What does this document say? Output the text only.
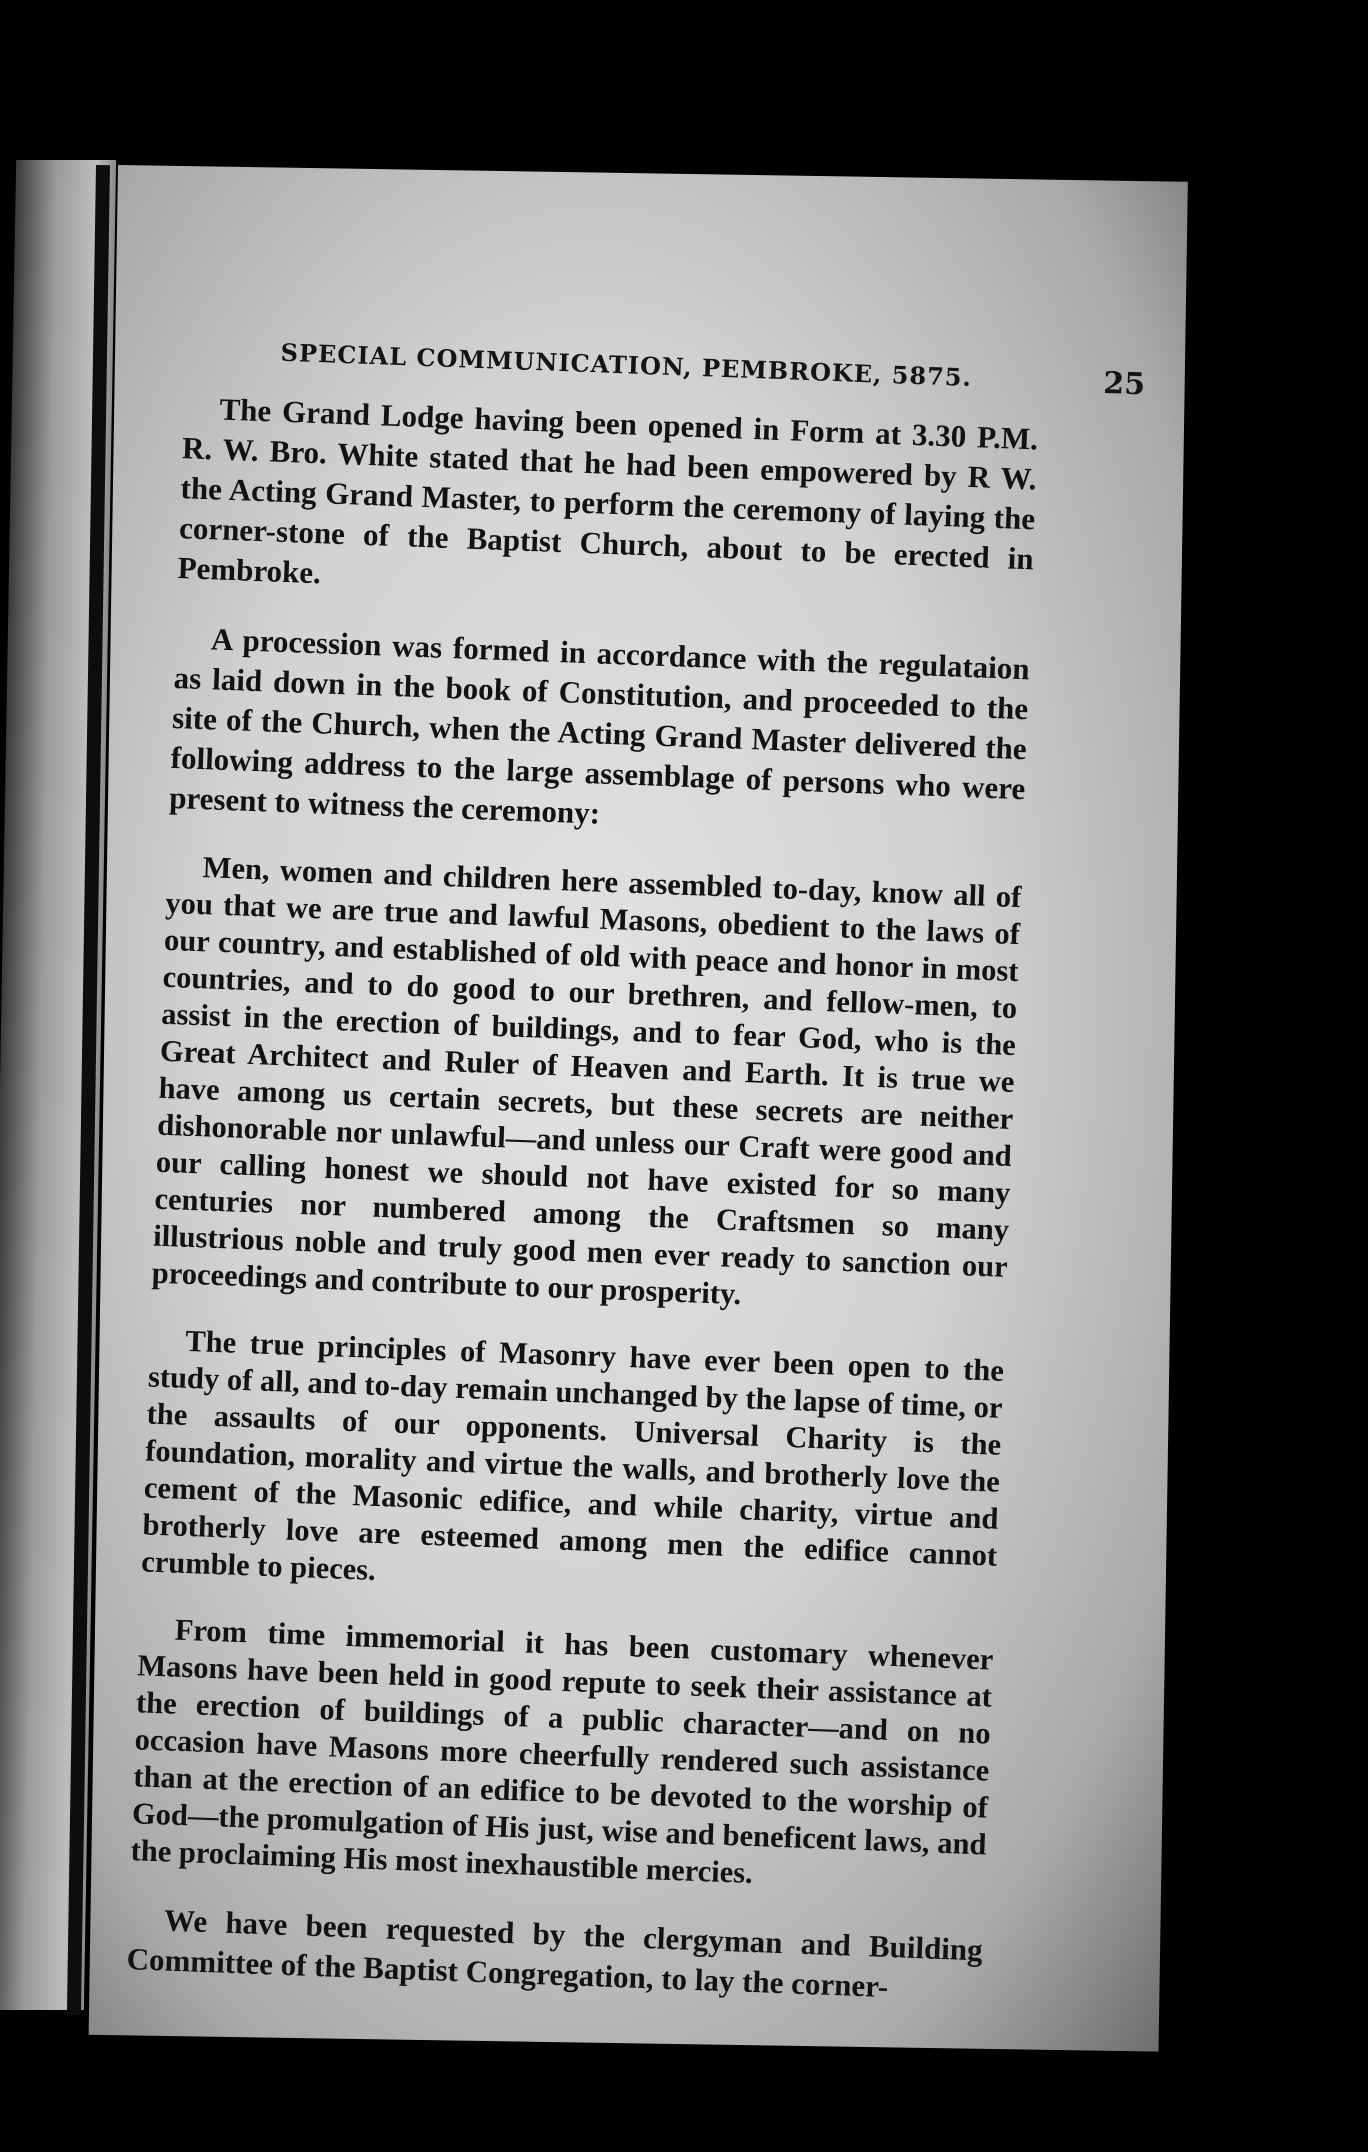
SPECIAL COMMUNICATION, PEMBROKE, 5875.	25

The Grand Lodge having been opened in Form at 3.30 P.M. R. W. Bro. White stated that he had been empowered by R W. the Acting Grand Master, to perform the ceremony of laying the corner-stone of the Baptist Church, about to be erected in Pembroke.

A procession was formed in accordance with the regulataion as laid down in the book of Constitution, and proceeded to the site of the Church, when the Acting Grand Master delivered the following address to the large assemblage of persons who were present to witness the ceremony:

Men, women and children here assembled to-day, know all of you that we are true and lawful Masons, obedient to the laws of our country, and established of old with peace and honor in most countries, and to do good to our brethren, and fellow-men, to assist in the erection of buildings, and to fear God, who is the Great Architect and Ruler of Heaven and Earth. It is true we have among us certain secrets, but these secrets are neither dishonorable nor unlawful—and unless our Craft were good and our calling honest we should not have existed for so many centuries nor numbered among the Craftsmen so many illustrious noble and truly good men ever ready to sanction our proceedings and contribute to our prosperity.

The true principles of Masonry have ever been open to the study of all, and to-day remain unchanged by the lapse of time, or the assaults of our opponents. Universal Charity is the foundation, morality and virtue the walls, and brotherly love the cement of the Masonic edifice, and while charity, virtue and brotherly love are esteemed among men the edifice cannot crumble to pieces.

From time immemorial it has been customary whenever Masons have been held in good repute to seek their assistance at the erection of buildings of a public character—and on no occasion have Masons more cheerfully rendered such assistance than at the erection of an edifice to be devoted to the worship of God—the promulgation of His just, wise and beneficent laws, and the proclaiming His most inexhaustible mercies.

We have been requested by the clergyman and Building Committee of the Baptist Congregation, to lay the corner-
